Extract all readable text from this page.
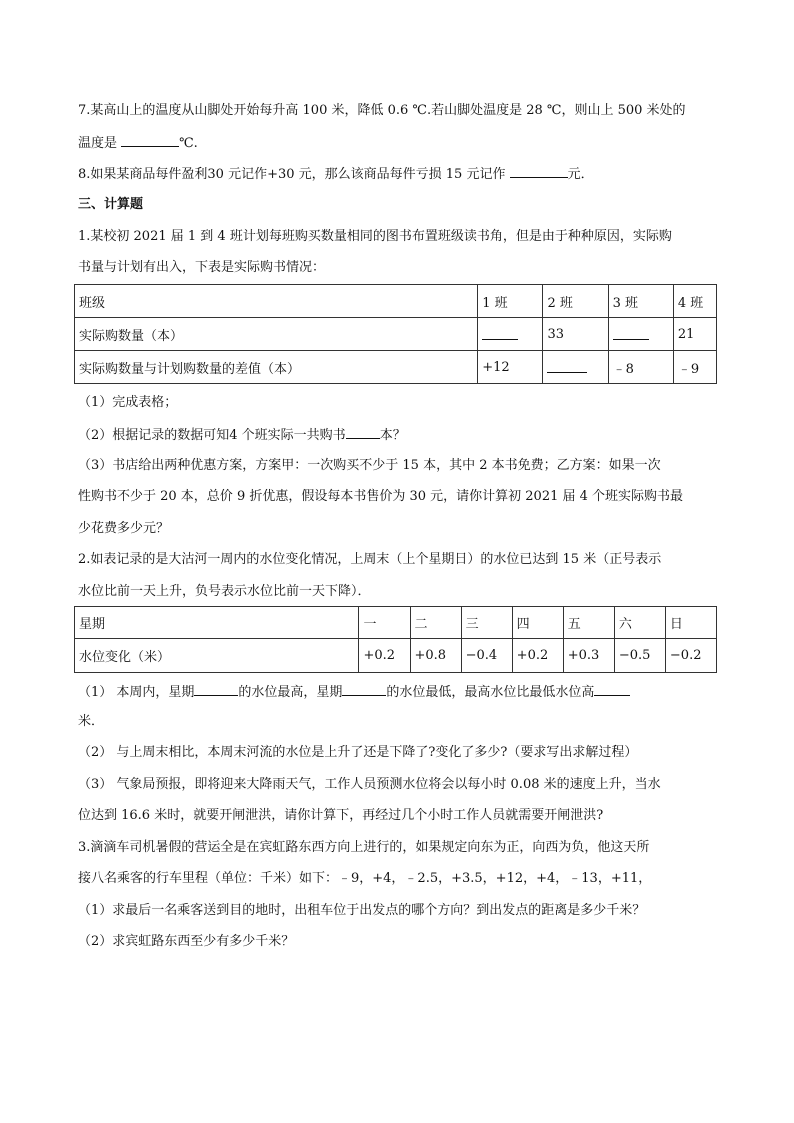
7.某高山上的温度从山脚处开始每升高 100 米，降低 0.6 ℃.若山脚处温度是 28 ℃，则山上 500 米处的
温度是	℃.
8.如果某商品每件盈利30 元记作+30 元，那么该商品每件亏损 15 元记作	元．
三、计算题
1.某校初 2021 届 1 到 4 班计划每班购买数量相同的图书布置班级读书角，但是由于种种原因，实际购
书量与计划有出入，下表是实际购书情况：
班级	1 班	2 班	3 班	4 班
实际购数量（本）		33		21
实际购数量与计划购数量的差值（本）	+12		﹣8	﹣9
（1）完成表格；
（2）根据记录的数据可知4 个班实际一共购书	本？
（3）书店给出两种优惠方案，方案甲：一次购买不少于 15 本，其中 2 本书免费；乙方案：如果一次
性购书不少于 20 本，总价 9 折优惠，假设每本书售价为 30 元，请你计算初 2021 届 4 个班实际购书最
少花费多少元？
2.如表记录的是大沽河一周内的水位变化情况，上周末（上个星期日）的水位已达到 15 米（正号表示
水位比前一天上升，负号表示水位比前一天下降）．
星期	一	二	三	四	五	六	日
水位变化（米）	+0.2	+0.8	−0.4	+0.2	+0.3	−0.5	−0.2
（1） 本周内，星期	的水位最高，星期	的水位最低，最高水位比最低水位高
米．
（2） 与上周末相比，本周末河流的水位是上升了还是下降了?变化了多少?（要求写出求解过程）
（3） 气象局预报，即将迎来大降雨天气，工作人员预测水位将会以每小时 0.08 米的速度上升，当水
位达到 16.6 米时，就要开闸泄洪，请你计算下，再经过几个小时工作人员就需要开闸泄洪?
3.滴滴车司机暑假的营运全是在宾虹路东西方向上进行的，如果规定向东为正，向西为负，他这天所
接八名乘客的行车里程（单位：千米）如下：﹣9，+4，﹣2.5，+3.5，+12，+4，﹣13，+11，
（1）求最后一名乘客送到目的地时，出租车位于出发点的哪个方向？到出发点的距离是多少千米？
（2）求宾虹路东西至少有多少千米？
